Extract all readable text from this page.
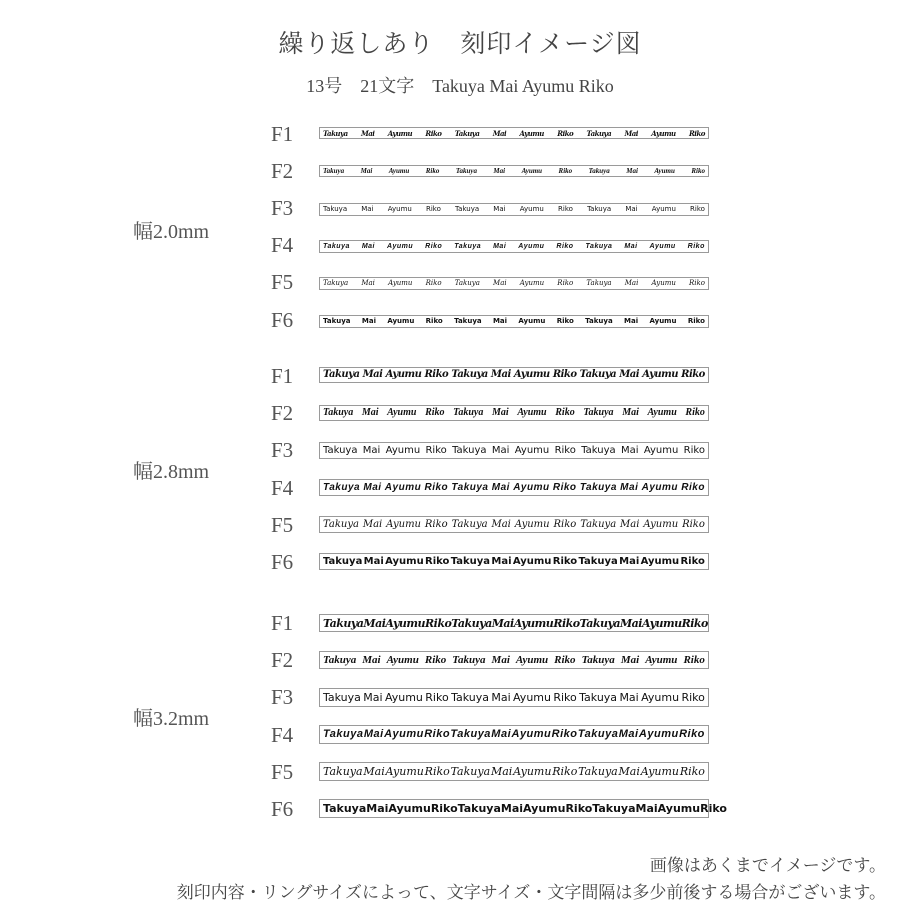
繰り返しあり　刻印イメージ図
13号　21文字　Takuya Mai Ayumu Riko
幅2.0mm
F1
F2
F3
F4
F5
F6
Takuya Mai Ayumu Riko Takuya Mai Ayumu Riko Takuya Mai Ayumu Riko
Takuya Mai Ayumu Riko Takuya Mai Ayumu Riko Takuya Mai Ayumu Riko
Takuya Mai Ayumu Riko Takuya Mai Ayumu Riko Takuya Mai Ayumu Riko
Takuya Mai Ayumu Riko Takuya Mai Ayumu Riko Takuya Mai Ayumu Riko
Takuya Mai Ayumu Riko Takuya Mai Ayumu Riko Takuya Mai Ayumu Riko
Takuya Mai Ayumu Riko Takuya Mai Ayumu Riko Takuya Mai Ayumu Riko
幅2.8mm
F1
F2
F3
F4
F5
F6
Takuya Mai Ayumu Riko Takuya Mai Ayumu Riko Takuya Mai Ayumu Riko
Takuya Mai Ayumu Riko Takuya Mai Ayumu Riko Takuya Mai Ayumu Riko
Takuya Mai Ayumu Riko Takuya Mai Ayumu Riko Takuya Mai Ayumu Riko
Takuya Mai Ayumu Riko Takuya Mai Ayumu Riko Takuya Mai Ayumu Riko
Takuya Mai Ayumu Riko Takuya Mai Ayumu Riko Takuya Mai Ayumu Riko
Takuya Mai Ayumu Riko Takuya Mai Ayumu Riko Takuya Mai Ayumu Riko
幅3.2mm
F1
F2
F3
F4
F5
F6
Takuya Mai Ayumu Riko Takuya Mai Ayumu Riko Takuya Mai Ayumu Riko
Takuya Mai Ayumu Riko Takuya Mai Ayumu Riko Takuya Mai Ayumu Riko
Takuya Mai Ayumu Riko Takuya Mai Ayumu Riko Takuya Mai Ayumu Riko
Takuya Mai Ayumu Riko Takuya Mai Ayumu Riko Takuya Mai Ayumu Riko
Takuya Mai Ayumu Riko Takuya Mai Ayumu Riko Takuya Mai Ayumu Riko
Takuya Mai Ayumu Riko Takuya Mai Ayumu Riko Takuya Mai Ayumu Riko
画像はあくまでイメージです。
刻印内容・リングサイズによって、文字サイズ・文字間隔は多少前後する場合がございます。
